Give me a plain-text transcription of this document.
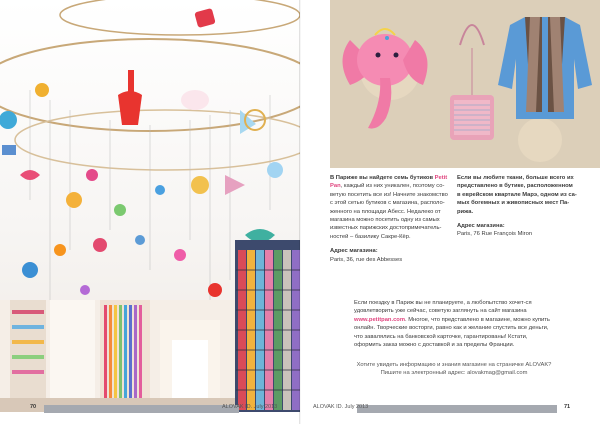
70	ALOVAK ID. July 2013
В Париже вы найдете семь бутиков Petit Pan, каждый из них уникален, поэтому со-ветую посетить все из! Начните знакомство с этой сетью бутиков с магазина, располо-женного на площади Абесс. Недалеко от магазина можно посетить одну из самых известных парижских достопримечатель-ностей – базилику Сакре-Кёр.
Адрес магазина:
Paris, 36, rue des Abbesses
Если вы любите ткани, больше всего их представлено в бутике, расположенном в еврейском квартале Марэ, одном из са-мых богемных и живописных мест Па-рижа.
Адрес магазина:
Paris, 76 Rue François Miron
Если поездку в Париж вы не планируете, а любопытство хочет-ся удовлетворить уже сейчас, советую заглянуть на сайт магазина www.petitpan.com. Многое, что представлено в магазине, можно купить онлайн. Творческие восторги, равно как и желание спустить все деньги, что завалялись на банковской карточке, гарантированы! Кстати, оформить заказ можно с доставкой и за пределы Франции.
Хотите увидеть информацию и знания магазине на страничке ALOVAK?
Пишите на электронный адрес: alovakmag@gmail.com
ALOVAK ID. July 2013	71
